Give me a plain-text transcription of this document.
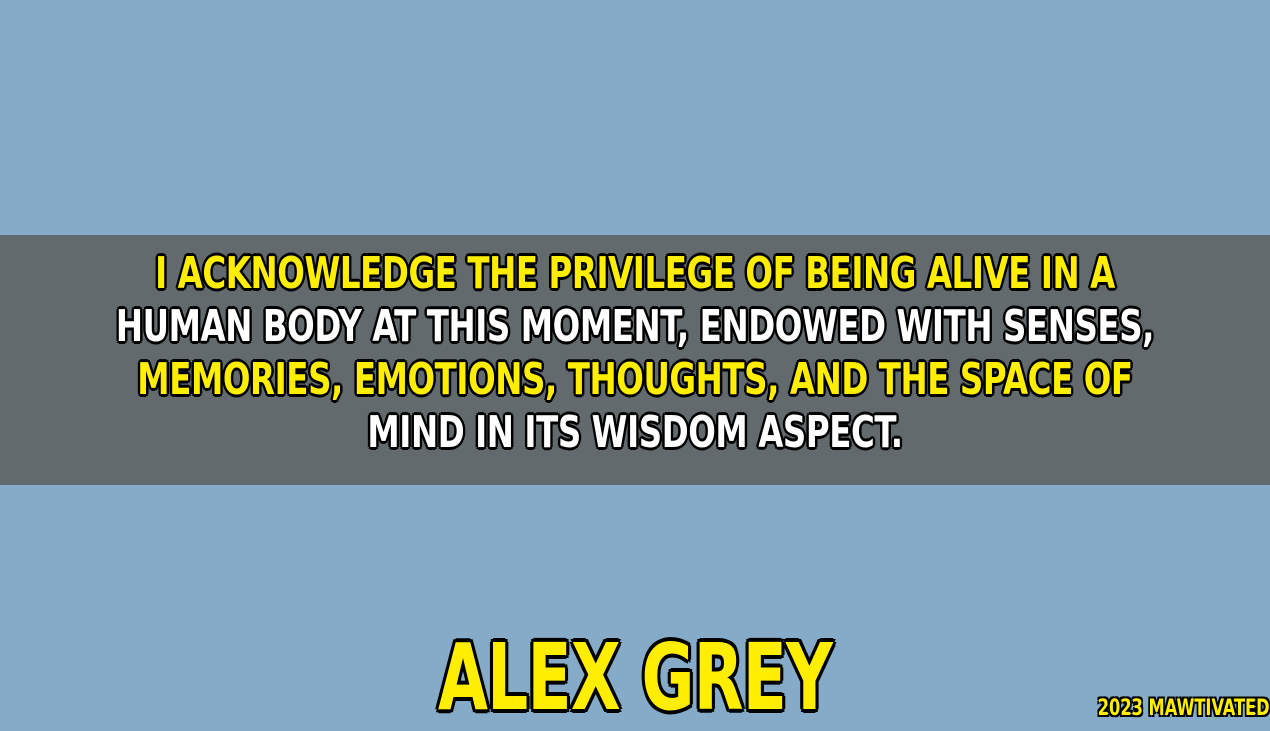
I ACKNOWLEDGE THE PRIVILEGE OF BEING ALIVE IN A
HUMAN BODY AT THIS MOMENT, ENDOWED WITH SENSES,
MEMORIES, EMOTIONS, THOUGHTS, AND THE SPACE OF
MIND IN ITS WISDOM ASPECT.
ALEX GREY	2023 MAWTIVATED
